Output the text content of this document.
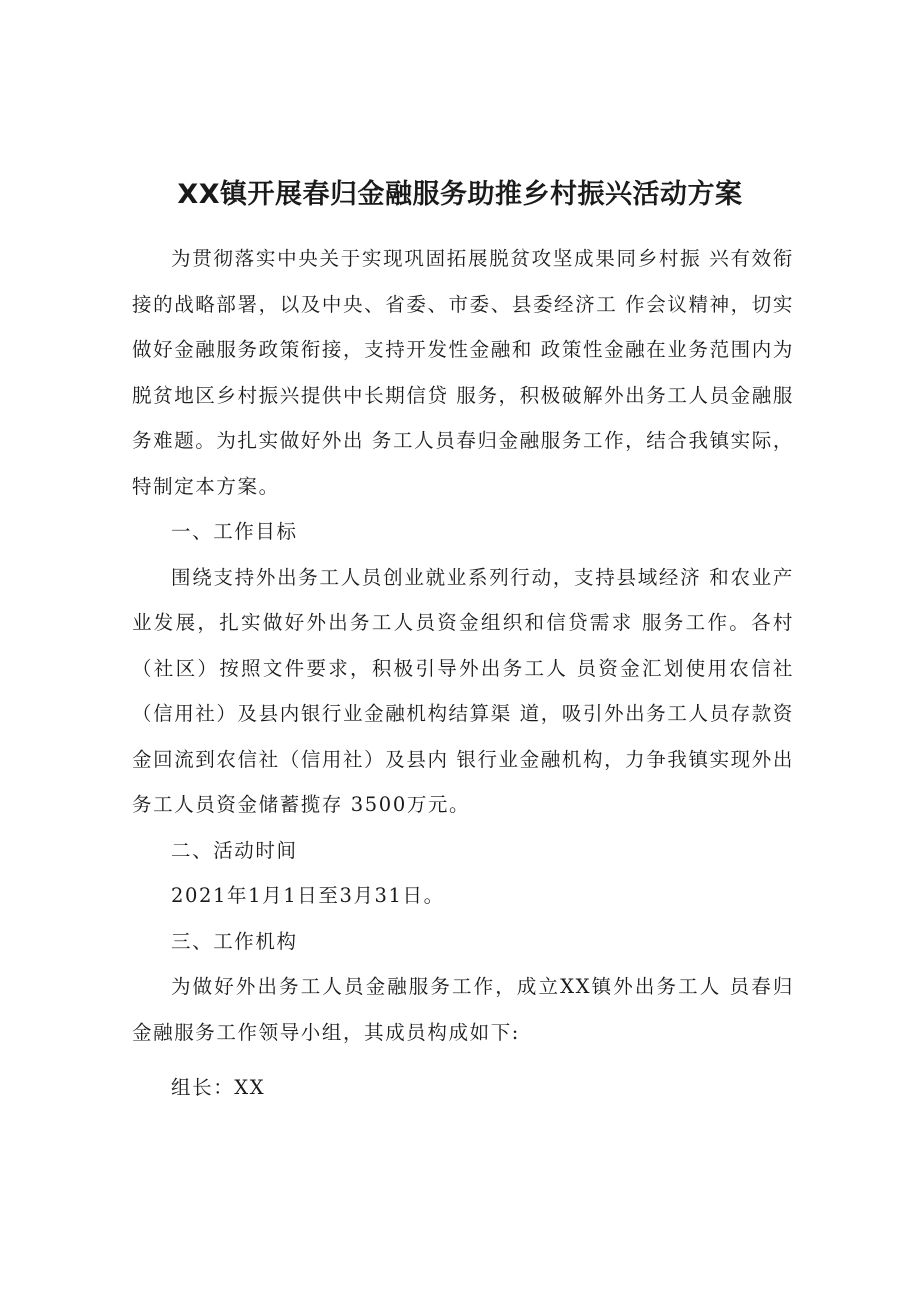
XX镇开展春归金融服务助推乡村振兴活动方案

为贯彻落实中央关于实现巩固拓展脱贫攻坚成果同乡村振 兴有效衔接的战略部署，以及中央、省委、市委、县委经济工 作会议精神，切实做好金融服务政策衔接，支持开发性金融和 政策性金融在业务范围内为脱贫地区乡村振兴提供中长期信贷 服务，积极破解外出务工人员金融服务难题。为扎实做好外出 务工人员春归金融服务工作，结合我镇实际，特制定本方案。

一、工作目标

围绕支持外出务工人员创业就业系列行动，支持县域经济 和农业产业发展，扎实做好外出务工人员资金组织和信贷需求 服务工作。各村（社区）按照文件要求，积极引导外出务工人 员资金汇划使用农信社（信用社）及县内银行业金融机构结算渠 道，吸引外出务工人员存款资金回流到农信社（信用社）及县内 银行业金融机构，力争我镇实现外出务工人员资金储蓄揽存 3500万元。

二、活动时间

2021年1月1日至3月31日。

三、工作机构

为做好外出务工人员金融服务工作，成立XX镇外出务工人 员春归金融服务工作领导小组，其成员构成如下:

组长：XX
